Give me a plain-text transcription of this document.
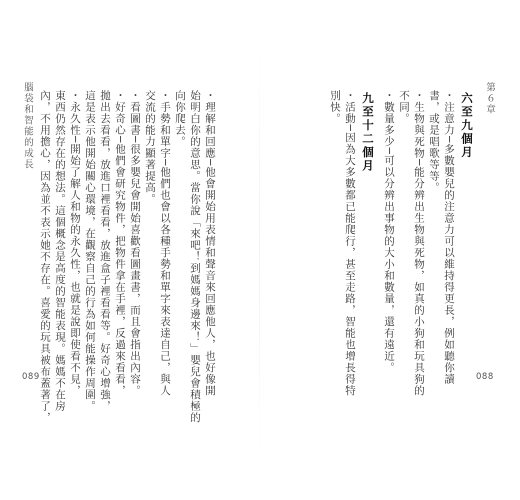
・理解和回應─他會開始用表情和聲音來回應他人，也好像開
始明白你的意思。當你說「來吧！到媽媽身邊來！」嬰兒會積極的
向你爬去。
・手勢和單字─他們也會以各種手勢和單字來表達自己，與人
交流的能力顯著提高。
・看圖書─很多嬰兒會開始喜歡看圖畫書，而且會指出內容。
・好奇心─他們會研究物件，把物件拿在手裡，反過來看看，
拋出去看看，放進口裡看看，放進盒子裡看看等。好奇心增強，
這是表示他開始關心環境，在觀察自己的行為如何能操作周圍。
・永久性─開始了解人和物的永久性，也就是說即使看不見，
東西仍然存在的想法。這個概念是高度的智能表現。媽媽不在房
內，不用擔心，因為並不表示她不存在。喜愛的玩具被布蓋著了，
腦袋和智能的成長
089
第６章
六至九個月
・注意力─多數嬰兒的注意力可以維持得更長，例如聽你讀
書，或是唱歌等等。
・生物與死物─能分辨出生物與死物，如真的小狗和玩具狗的
不同。
・數量多少─可以分辨出事物的大小和數量，還有遠近。
九至十二個月
・活動─因為大多數都已能爬行，甚至走路，智能也增長得特
別快。
088
